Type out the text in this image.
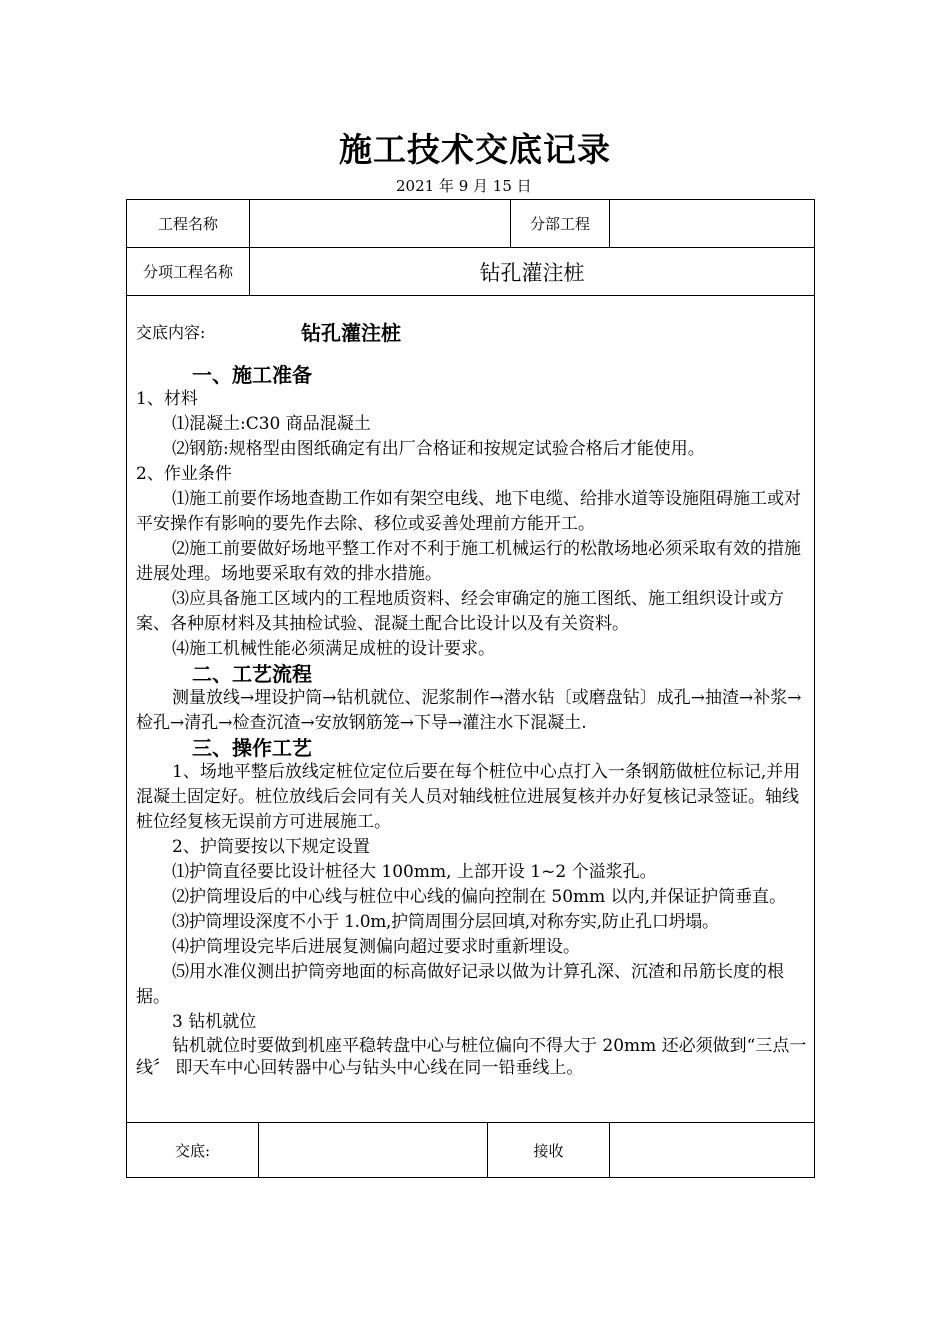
施工技术交底记录
2021 年 9 月 15 日
工程名称	分部工程
分项工程名称	钻孔灌注桩
交底内容:	钻孔灌注桩
一、施工准备

1、材料

⑴混凝土:C30 商品混凝土

⑵钢筋:规格型由图纸确定有出厂合格证和按规定试验合格后才能使用。

2、作业条件

⑴施工前要作场地查勘工作如有架空电线、地下电缆、给排水道等设施阻碍施工或对平安操作有影响的要先作去除、移位或妥善处理前方能开工。

⑵施工前要做好场地平整工作对不利于施工机械运行的松散场地必须采取有效的措施进展处理。场地要采取有效的排水措施。

⑶应具备施工区域内的工程地质资料、经会审确定的施工图纸、施工组织设计或方案、各种原材料及其抽检试验、混凝土配合比设计以及有关资料。

⑷施工机械性能必须满足成桩的设计要求。

二、工艺流程

测量放线→埋设护筒→钻机就位、泥浆制作→潜水钻〔或磨盘钻〕成孔→抽渣→补浆→检孔→清孔→检查沉渣→安放钢筋笼→下导→灌注水下混凝土.

三、操作工艺

1、场地平整后放线定桩位定位后要在每个桩位中心点打入一条钢筋做桩位标记,并用混凝土固定好。桩位放线后会同有关人员对轴线桩位进展复核并办好复核记录签证。轴线桩位经复核无误前方可进展施工。

2、护筒要按以下规定设置

⑴护筒直径要比设计桩径大 100mm, 上部开设 1~2 个溢浆孔。

⑵护筒埋设后的中心线与桩位中心线的偏向控制在 50mm 以内,并保证护筒垂直。

⑶护筒埋设深度不小于 1.0m,护筒周围分层回填,对称夯实,防止孔口坍塌。

⑷护筒埋设完毕后进展复测偏向超过要求时重新埋设。

⑸用水准仪测出护筒旁地面的标高做好记录以做为计算孔深、沉渣和吊筋长度的根据。

3 钻机就位

钻机就位时要做到机座平稳转盘中心与桩位偏向不得大于 20mm 还必须做到“三点一线〞 即天车中心回转器中心与钻头中心线在同一铅垂线上。

交底:	接收
